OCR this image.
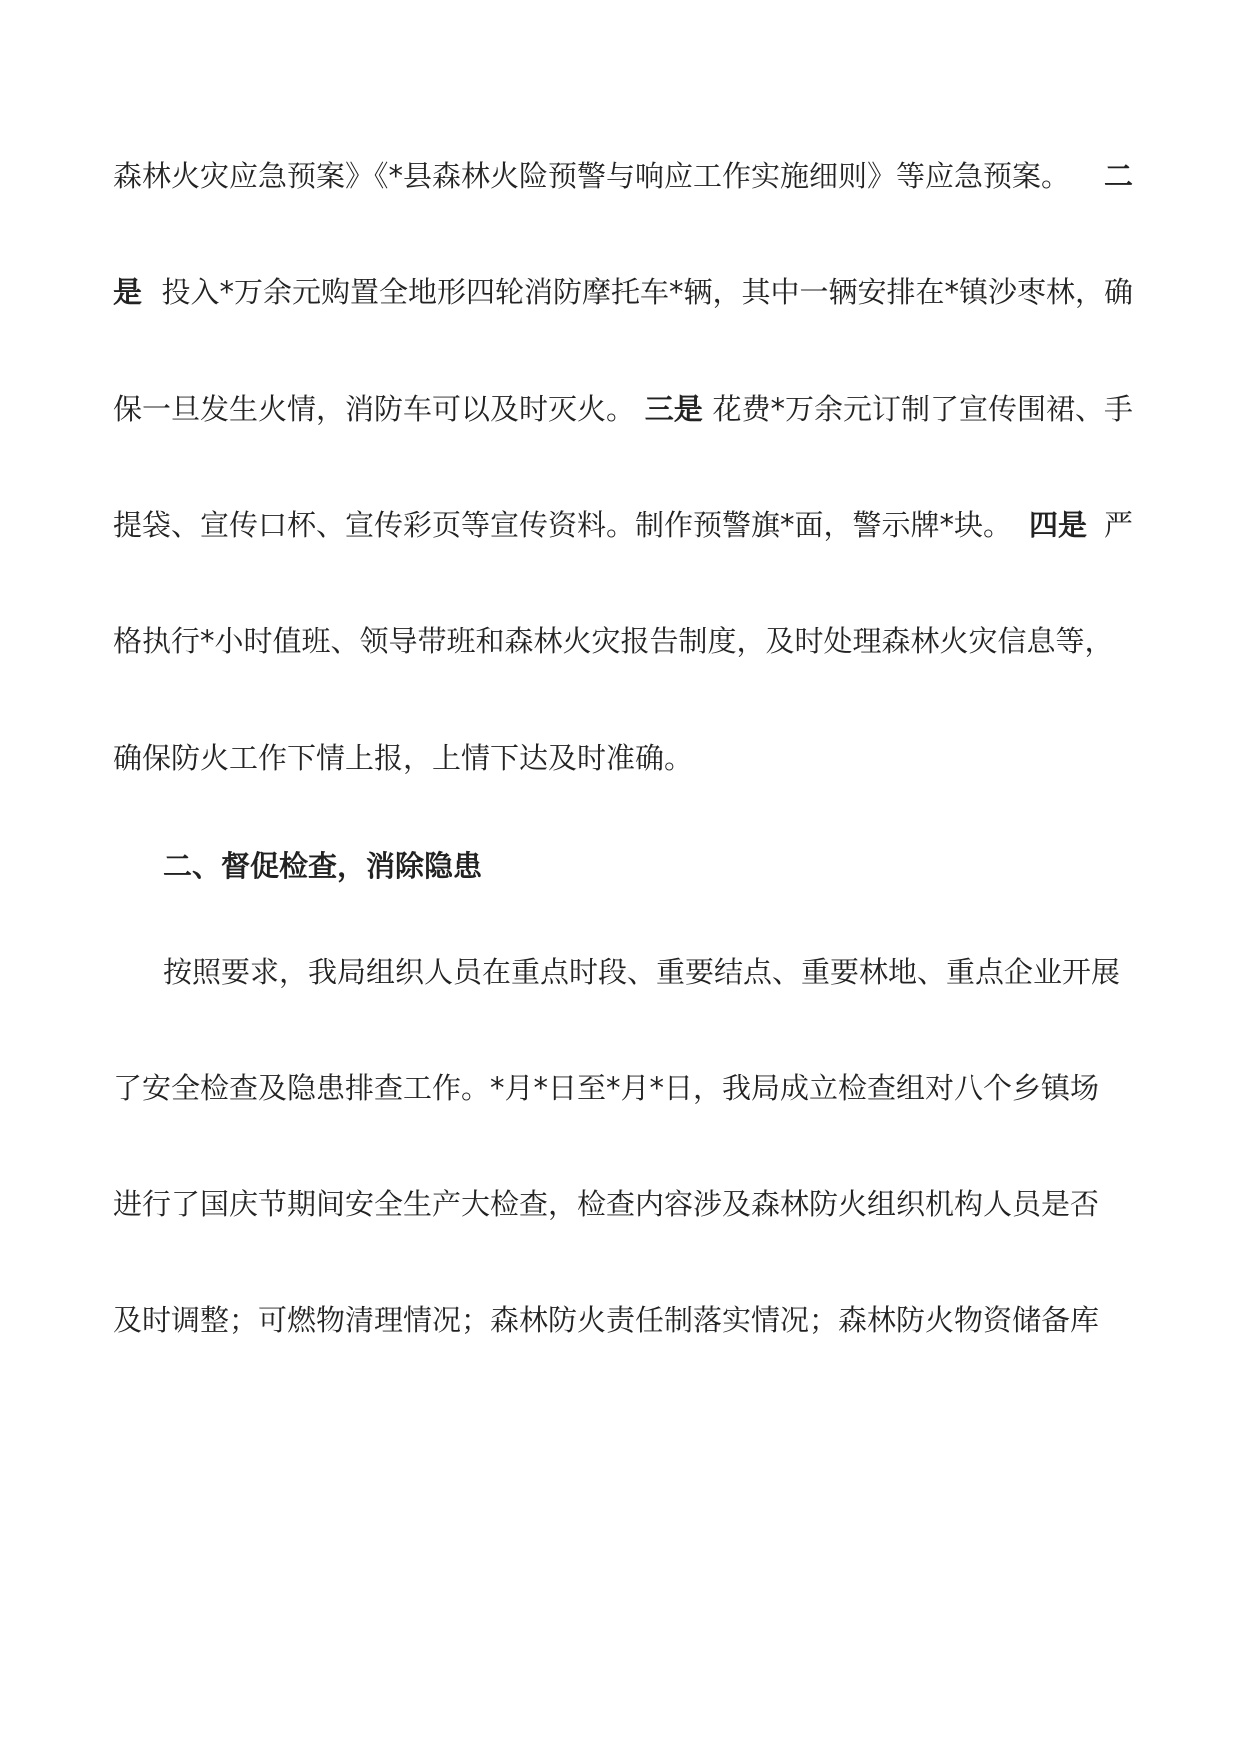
森林火灾应急预案》《*县森林火险预警与响应工作实施细则》等应急预案。 二
是 投入*万余元购置全地形四轮消防摩托车*辆，其中一辆安排在*镇沙枣林，确
保一旦发生火情，消防车可以及时灭火。 三是 花费*万余元订制了宣传围裙、手
提袋、宣传口杯、宣传彩页等宣传资料。制作预警旗*面，警示牌*块。 四是 严
格执行*小时值班、领导带班和森林火灾报告制度，及时处理森林火灾信息等，
确保防火工作下情上报，上情下达及时准确。
二、督促检查，消除隐患
按照要求，我局组织人员在重点时段、重要结点、重要林地、重点企业开展
了安全检查及隐患排查工作。*月*日至*月*日，我局成立检查组对八个乡镇场
进行了国庆节期间安全生产大检查，检查内容涉及森林防火组织机构人员是否
及时调整；可燃物清理情况；森林防火责任制落实情况；森林防火物资储备库
